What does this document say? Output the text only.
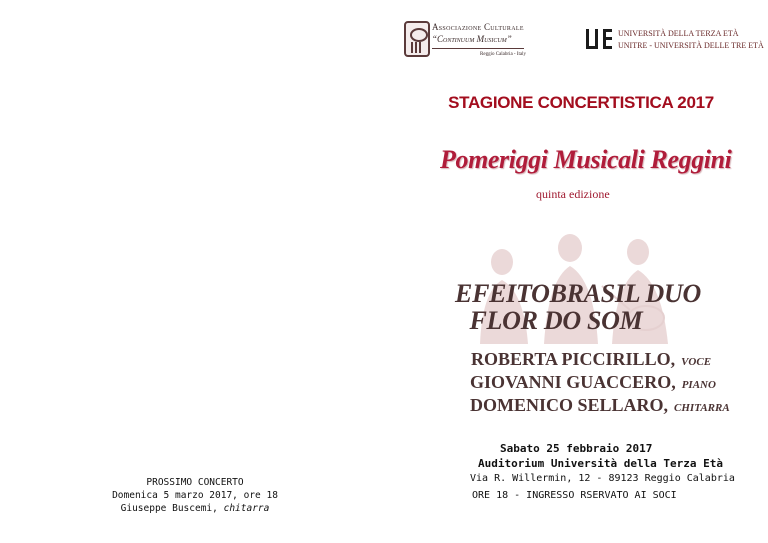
Associazione Culturale
“Continuum Musicum”
Reggio Calabria - Italy
UNIVERSITÀ DELLA TERZA ETÀ
UNITRE - UNIVERSITÀ DELLE TRE ETÀ
STAGIONE CONCERTISTICA 2017
Pomeriggi Musicali Reggini
quinta edizione
EFEITOBRASIL DUO
FLOR DO SOM
ROBERTA PICCIRILLO, VOCE
GIOVANNI GUACCERO, PIANO
DOMENICO SELLARO, CHITARRA
Sabato 25 febbraio 2017
Auditorium Università della Terza Età
Via R. Willermin, 12 - 89123 Reggio Calabria
ORE 18 - INGRESSO RSERVATO AI SOCI
PROSSIMO CONCERTO
Domenica 5 marzo 2017, ore 18
Giuseppe Buscemi, chitarra
